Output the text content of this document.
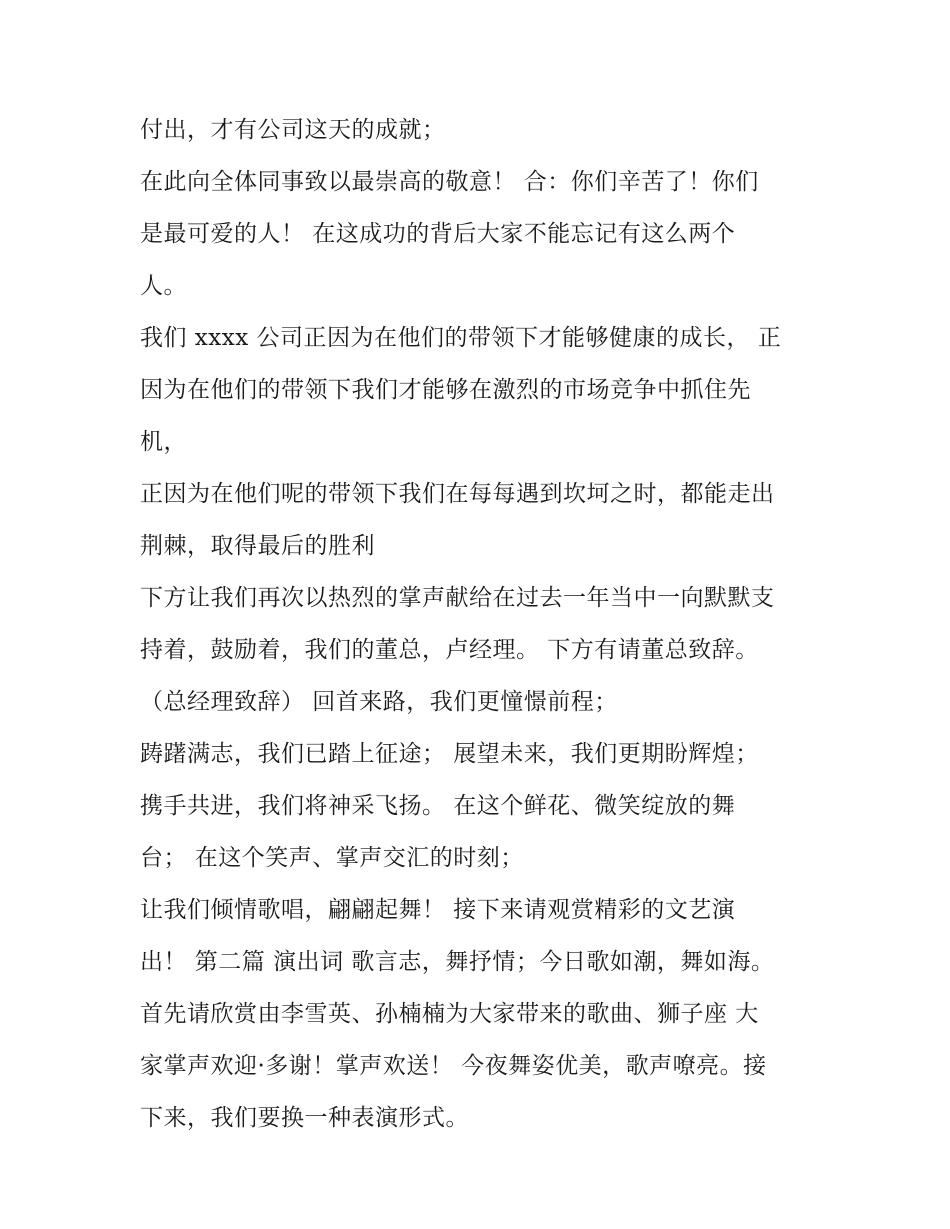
付出，才有公司这天的成就；
在此向全体同事致以最崇高的敬意！ 合：你们辛苦了！你们
是最可爱的人！ 在这成功的背后大家不能忘记有这么两个
人。
我们 xxxx 公司正因为在他们的带领下才能够健康的成长， 正
因为在他们的带领下我们才能够在激烈的市场竞争中抓住先
机，
正因为在他们呢的带领下我们在每每遇到坎坷之时，都能走出
荆棘，取得最后的胜利
下方让我们再次以热烈的掌声献给在过去一年当中一向默默支
持着，鼓励着，我们的董总，卢经理。 下方有请董总致辞。
（总经理致辞） 回首来路，我们更憧憬前程；
踌躇满志，我们已踏上征途； 展望未来，我们更期盼辉煌；
携手共进，我们将神采飞扬。 在这个鲜花、微笑绽放的舞
台； 在这个笑声、掌声交汇的时刻；
让我们倾情歌唱，翩翩起舞！ 接下来请观赏精彩的文艺演
出！ 第二篇 演出词 歌言志，舞抒情；今日歌如潮，舞如海。
首先请欣赏由李雪英、孙楠楠为大家带来的歌曲、狮子座 大
家掌声欢迎·多谢！掌声欢送！ 今夜舞姿优美，歌声嘹亮。接
下来，我们要换一种表演形式。
